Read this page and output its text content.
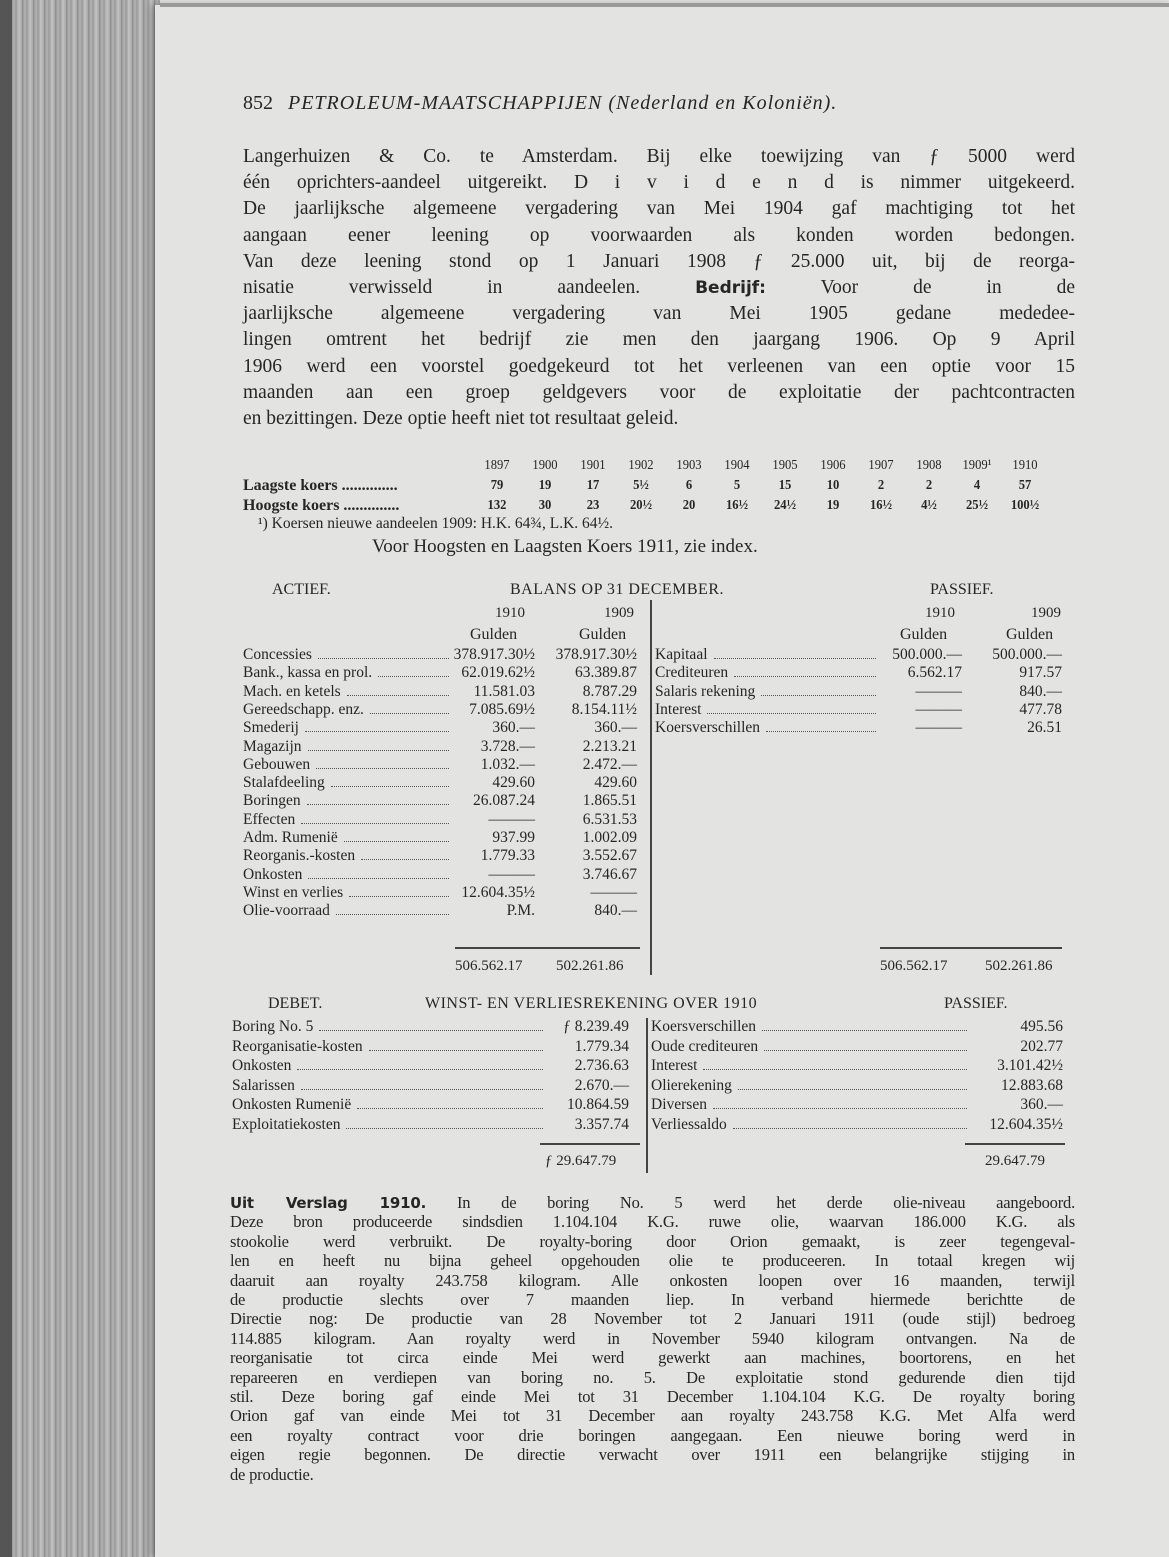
852 PETROLEUM-MAATSCHAPPIJEN (Nederland en Koloniën).
Langerhuizen & Co. te Amsterdam. Bij elke toewijzing van ƒ 5000 werd
één oprichters-aandeel uitgereikt. D i v i d e n d is nimmer uitgekeerd.
De jaarlijksche algemeene vergadering van Mei 1904 gaf machtiging tot het
aangaan eener leening op voorwaarden als konden worden bedongen.
Van deze leening stond op 1 Januari 1908 ƒ 25.000 uit, bij de reorga-
nisatie verwisseld in aandeelen. Bedrijf: Voor de in de
jaarlijksche algemeene vergadering van Mei 1905 gedane mededee-
lingen omtrent het bedrijf zie men den jaargang 1906. Op 9 April
1906 werd een voorstel goedgekeurd tot het verleenen van een optie voor 15
maanden aan een groep geldgevers voor de exploitatie der pachtcontracten
en bezittingen. Deze optie heeft niet tot resultaat geleid.
1897	1900	1901	1902	1903	1904	1905	1906	1907	1908	1909¹	1910
Laagste koers ..............	79	19	17	5½	6	5	15	10	2	2	4	57
Hoogste koers ..............	132	30	23	20½	20	16½	24½	19	16½	4½	25½	100½
¹) Koersen nieuwe aandeelen 1909: H.K. 64¾, L.K. 64½.
Voor Hoogsten en Laagsten Koers 1911, zie index.
ACTIEF.	BALANS OP 31 DECEMBER.	PASSIEF.
1910
Gulden
1909
Gulden
1910
Gulden
1909
Gulden
Concessies	378.917.30½	378.917.30½
Bank., kassa en prol.	62.019.62½	63.389.87
Mach. en ketels	11.581.03	8.787.29
Gereedschapp. enz.	7.085.69½	8.154.11½
Smederij	360.—	360.—
Magazijn	3.728.—	2.213.21
Gebouwen	1.032.—	2.472.—
Stalafdeeling	429.60	429.60
Boringen	26.087.24	1.865.51
Effecten	———	6.531.53
Adm. Rumenië	937.99	1.002.09
Reorganis.-kosten	1.779.33	3.552.67
Onkosten	———	3.746.67
Winst en verlies	12.604.35½	———
Olie-voorraad	P.M.	840.—
Kapitaal	500.000.—	500.000.—
Crediteuren	6.562.17	917.57
Salaris rekening	———	840.—
Interest	———	477.78
Koersverschillen	———	26.51
506.562.17 502.261.86	506.562.17	502.261.86
DEBET.	WINST- EN VERLIESREKENING OVER 1910	PASSIEF.
Boring No. 5	ƒ 8.239.49
Reorganisatie-kosten	1.779.34
Onkosten	2.736.63
Salarissen	2.670.—
Onkosten Rumenië	10.864.59
Exploitatiekosten	3.357.74
Koersverschillen	495.56
Oude crediteuren	202.77
Interest	3.101.42½
Olierekening	12.883.68
Diversen	360.—
Verliessaldo	12.604.35½
ƒ 29.647.79	29.647.79
Uit Verslag 1910. In de boring No. 5 werd het derde olie-niveau aangeboord.
Deze bron produceerde sindsdien 1.104.104 K.G. ruwe olie, waarvan 186.000 K.G. als
stookolie werd verbruikt. De royalty-boring door Orion gemaakt, is zeer tegengeval-
len en heeft nu bijna geheel opgehouden olie te produceeren. In totaal kregen wij
daaruit aan royalty 243.758 kilogram. Alle onkosten loopen over 16 maanden, terwijl
de productie slechts over 7 maanden liep. In verband hiermede berichtte de
Directie nog: De productie van 28 November tot 2 Januari 1911 (oude stijl) bedroeg
114.885 kilogram. Aan royalty werd in November 5940 kilogram ontvangen. Na de
reorganisatie tot circa einde Mei werd gewerkt aan machines, boortorens, en het
repareeren en verdiepen van boring no. 5. De exploitatie stond gedurende dien tijd
stil. Deze boring gaf einde Mei tot 31 December 1.104.104 K.G. De royalty boring
Orion gaf van einde Mei tot 31 December aan royalty 243.758 K.G. Met Alfa werd
een royalty contract voor drie boringen aangegaan. Een nieuwe boring werd in
eigen regie begonnen. De directie verwacht over 1911 een belangrijke stijging in
de productie.
